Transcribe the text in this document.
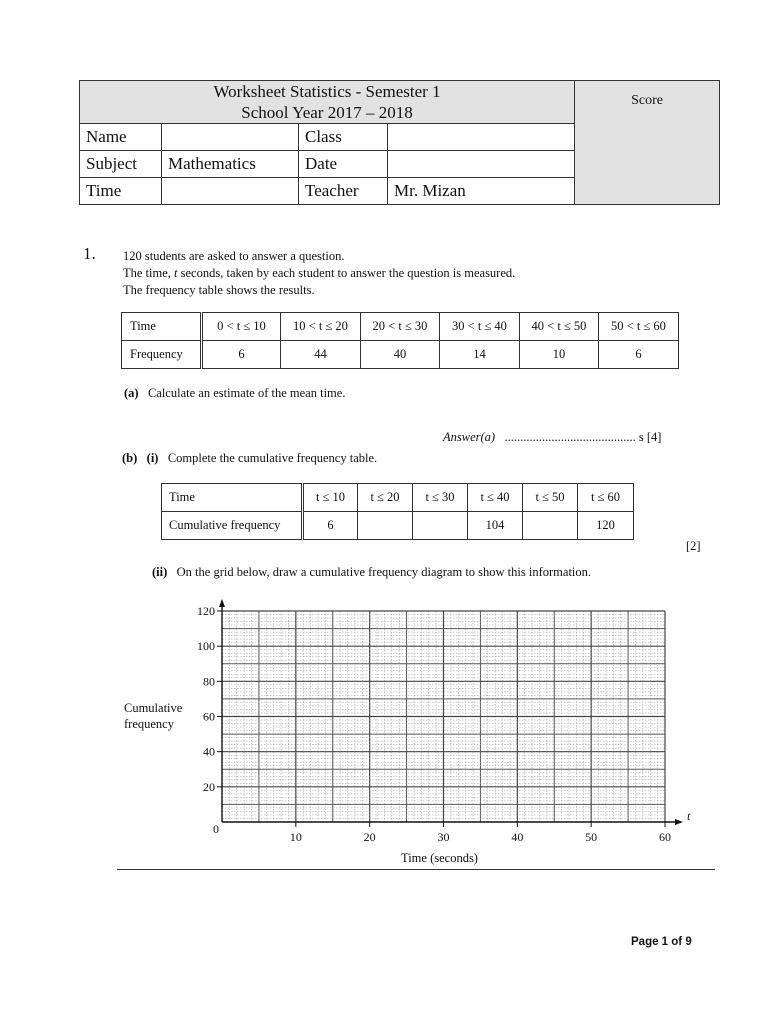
Worksheet Statistics - Semester 1
School Year 2017 – 2018				Score
Name		Class		
Subject	Mathematics	Date		
Time		Teacher	Mr. Mizan	
1. 120 students are asked to answer a question.
The time, t seconds, taken by each student to answer the question is measured.
The frequency table shows the results.
Time	0 < t ≤ 10	10 < t ≤ 20	20 < t ≤ 30	30 < t ≤ 40	40 < t ≤ 50	50 < t ≤ 60
Frequency	6	44	40	14	10	6
(a) Calculate an estimate of the mean time.
Answer(a) .......................................... s [4]
(b) (i) Complete the cumulative frequency table.
Time	t ≤ 10	t ≤ 20	t ≤ 30	t ≤ 40	t ≤ 50	t ≤ 60
Cumulative frequency	6			104		120
[2]
(ii) On the grid below, draw a cumulative frequency diagram to show this information.
20
40
60
80
100
120
10	20	30	40	50	60
0
t
Cumulative
frequency
Time (seconds)
Page 1 of 9
